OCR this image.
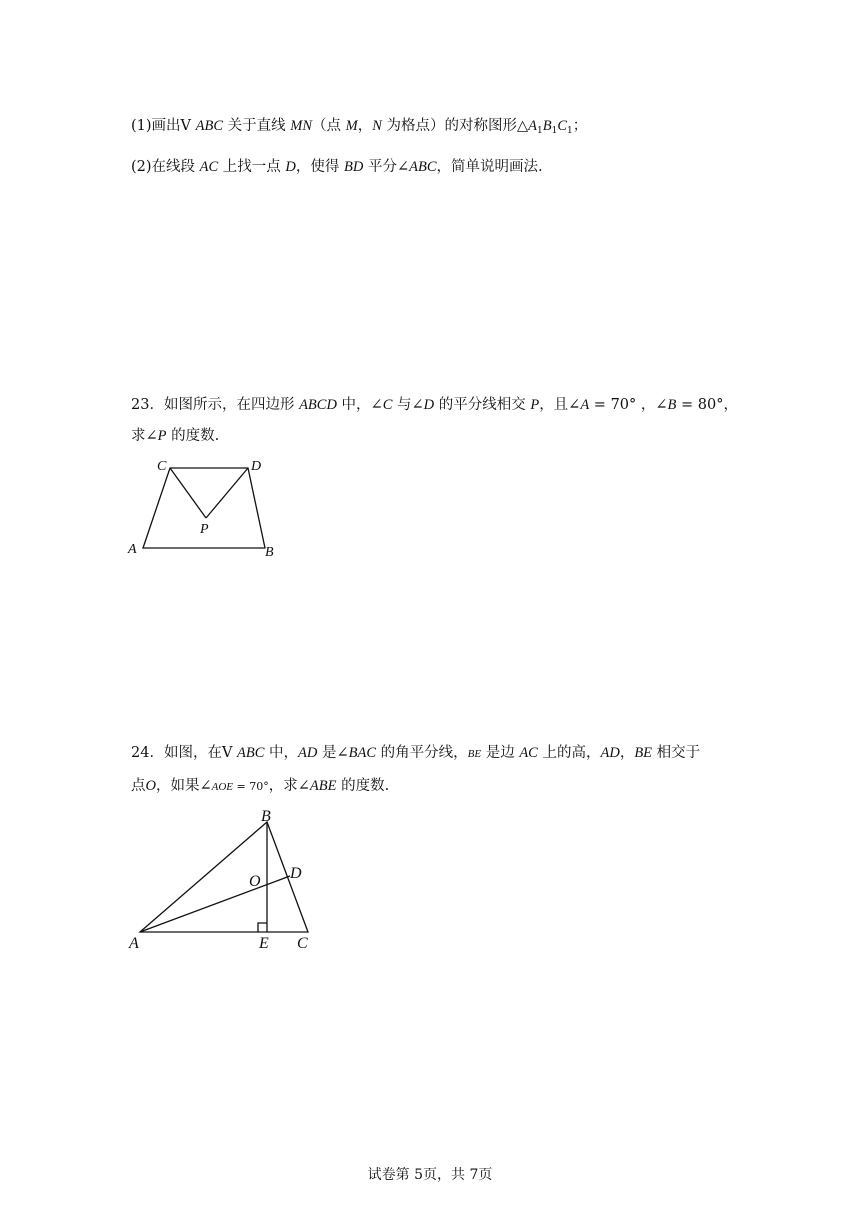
(1)画出V ABC 关于直线 MN（点 M，N 为格点）的对称图形$\triangle A_1B_1C_1$；
(2)在线段 AC 上找一点 D，使得 BD 平分∠ABC，简单说明画法.
23．如图所示，在四边形 ABCD 中，∠C 与∠D 的平分线相交 P，且∠A = 70° ，∠B = 80°，
求∠P 的度数.
C	D
P
A	B
24．如图，在V ABC 中，AD 是∠BAC 的角平分线，BE 是边 AC 上的高，AD，BE 相交于
点O，如果∠AOE = 70°，求∠ABE 的度数.
B
O D
A	E C
试卷第 5页，共 7页
